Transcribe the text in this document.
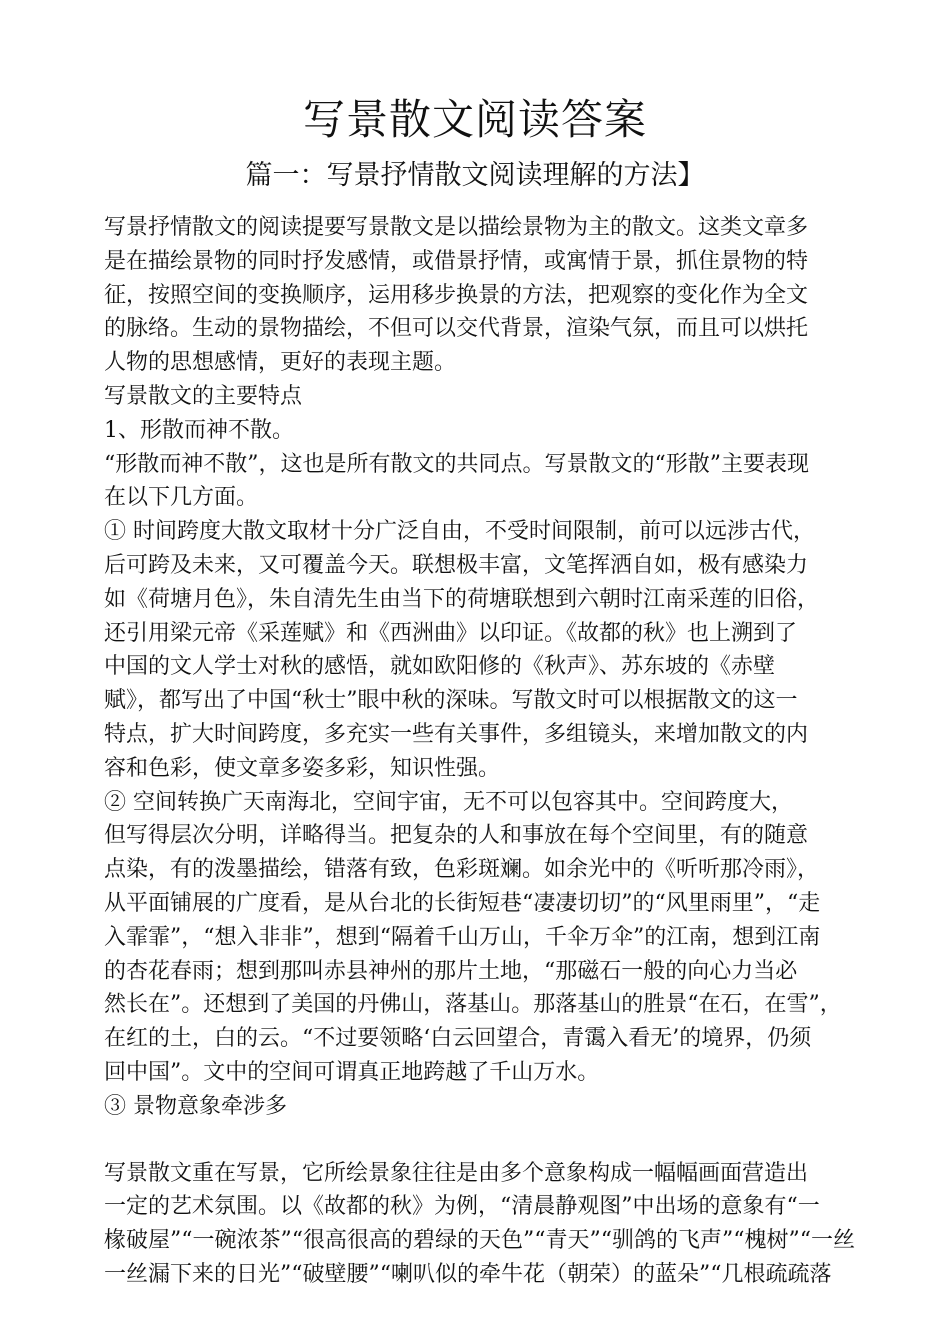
写景散文阅读答案
篇一：写景抒情散文阅读理解的方法】
写景抒情散文的阅读提要写景散文是以描绘景物为主的散文。这类文章多
是在描绘景物的同时抒发感情，或借景抒情，或寓情于景，抓住景物的特
征，按照空间的变换顺序，运用移步换景的方法，把观察的变化作为全文
的脉络。生动的景物描绘，不但可以交代背景，渲染气氛，而且可以烘托
人物的思想感情，更好的表现主题。
写景散文的主要特点
1、形散而神不散。
“形散而神不散”，这也是所有散文的共同点。写景散文的“形散”主要表现
在以下几方面。
① 时间跨度大散文取材十分广泛自由，不受时间限制，前可以远涉古代，
后可跨及未来，又可覆盖今天。联想极丰富，文笔挥洒自如，极有感染力
如《荷塘月色》，朱自清先生由当下的荷塘联想到六朝时江南采莲的旧俗，
还引用梁元帝《采莲赋》和《西洲曲》以印证。《故都的秋》也上溯到了
中国的文人学士对秋的感悟，就如欧阳修的《秋声》、苏东坡的《赤壁
赋》，都写出了中国“秋士”眼中秋的深味。写散文时可以根据散文的这一
特点，扩大时间跨度，多充实一些有关事件，多组镜头，来增加散文的内
容和色彩，使文章多姿多彩，知识性强。
② 空间转换广天南海北，空间宇宙，无不可以包容其中。空间跨度大，
但写得层次分明，详略得当。把复杂的人和事放在每个空间里，有的随意
点染，有的泼墨描绘，错落有致，色彩斑斓。如余光中的《听听那冷雨》，
从平面铺展的广度看，是从台北的长街短巷“凄凄切切”的“风里雨里”，“走
入霏霏”，“想入非非”，想到“隔着千山万山，千伞万伞”的江南，想到江南
的杏花春雨；想到那叫赤县神州的那片土地，“那磁石一般的向心力当必
然长在”。还想到了美国的丹佛山，落基山。那落基山的胜景“在石，在雪”，
在红的土，白的云。“不过要领略‘白云回望合，青霭入看无’的境界，仍须
回中国”。文中的空间可谓真正地跨越了千山万水。
③ 景物意象牵涉多
写景散文重在写景，它所绘景象往往是由多个意象构成一幅幅画面营造出
一定的艺术氛围。以《故都的秋》为例，“清晨静观图”中出场的意象有“一
椽破屋”“一碗浓茶”“很高很高的碧绿的天色”“青天”“驯鸽的飞声”“槐树”“一丝
一丝漏下来的日光”“破壁腰”“喇叭似的牵牛花（朝荣）的蓝朵”“几根疏疏落
